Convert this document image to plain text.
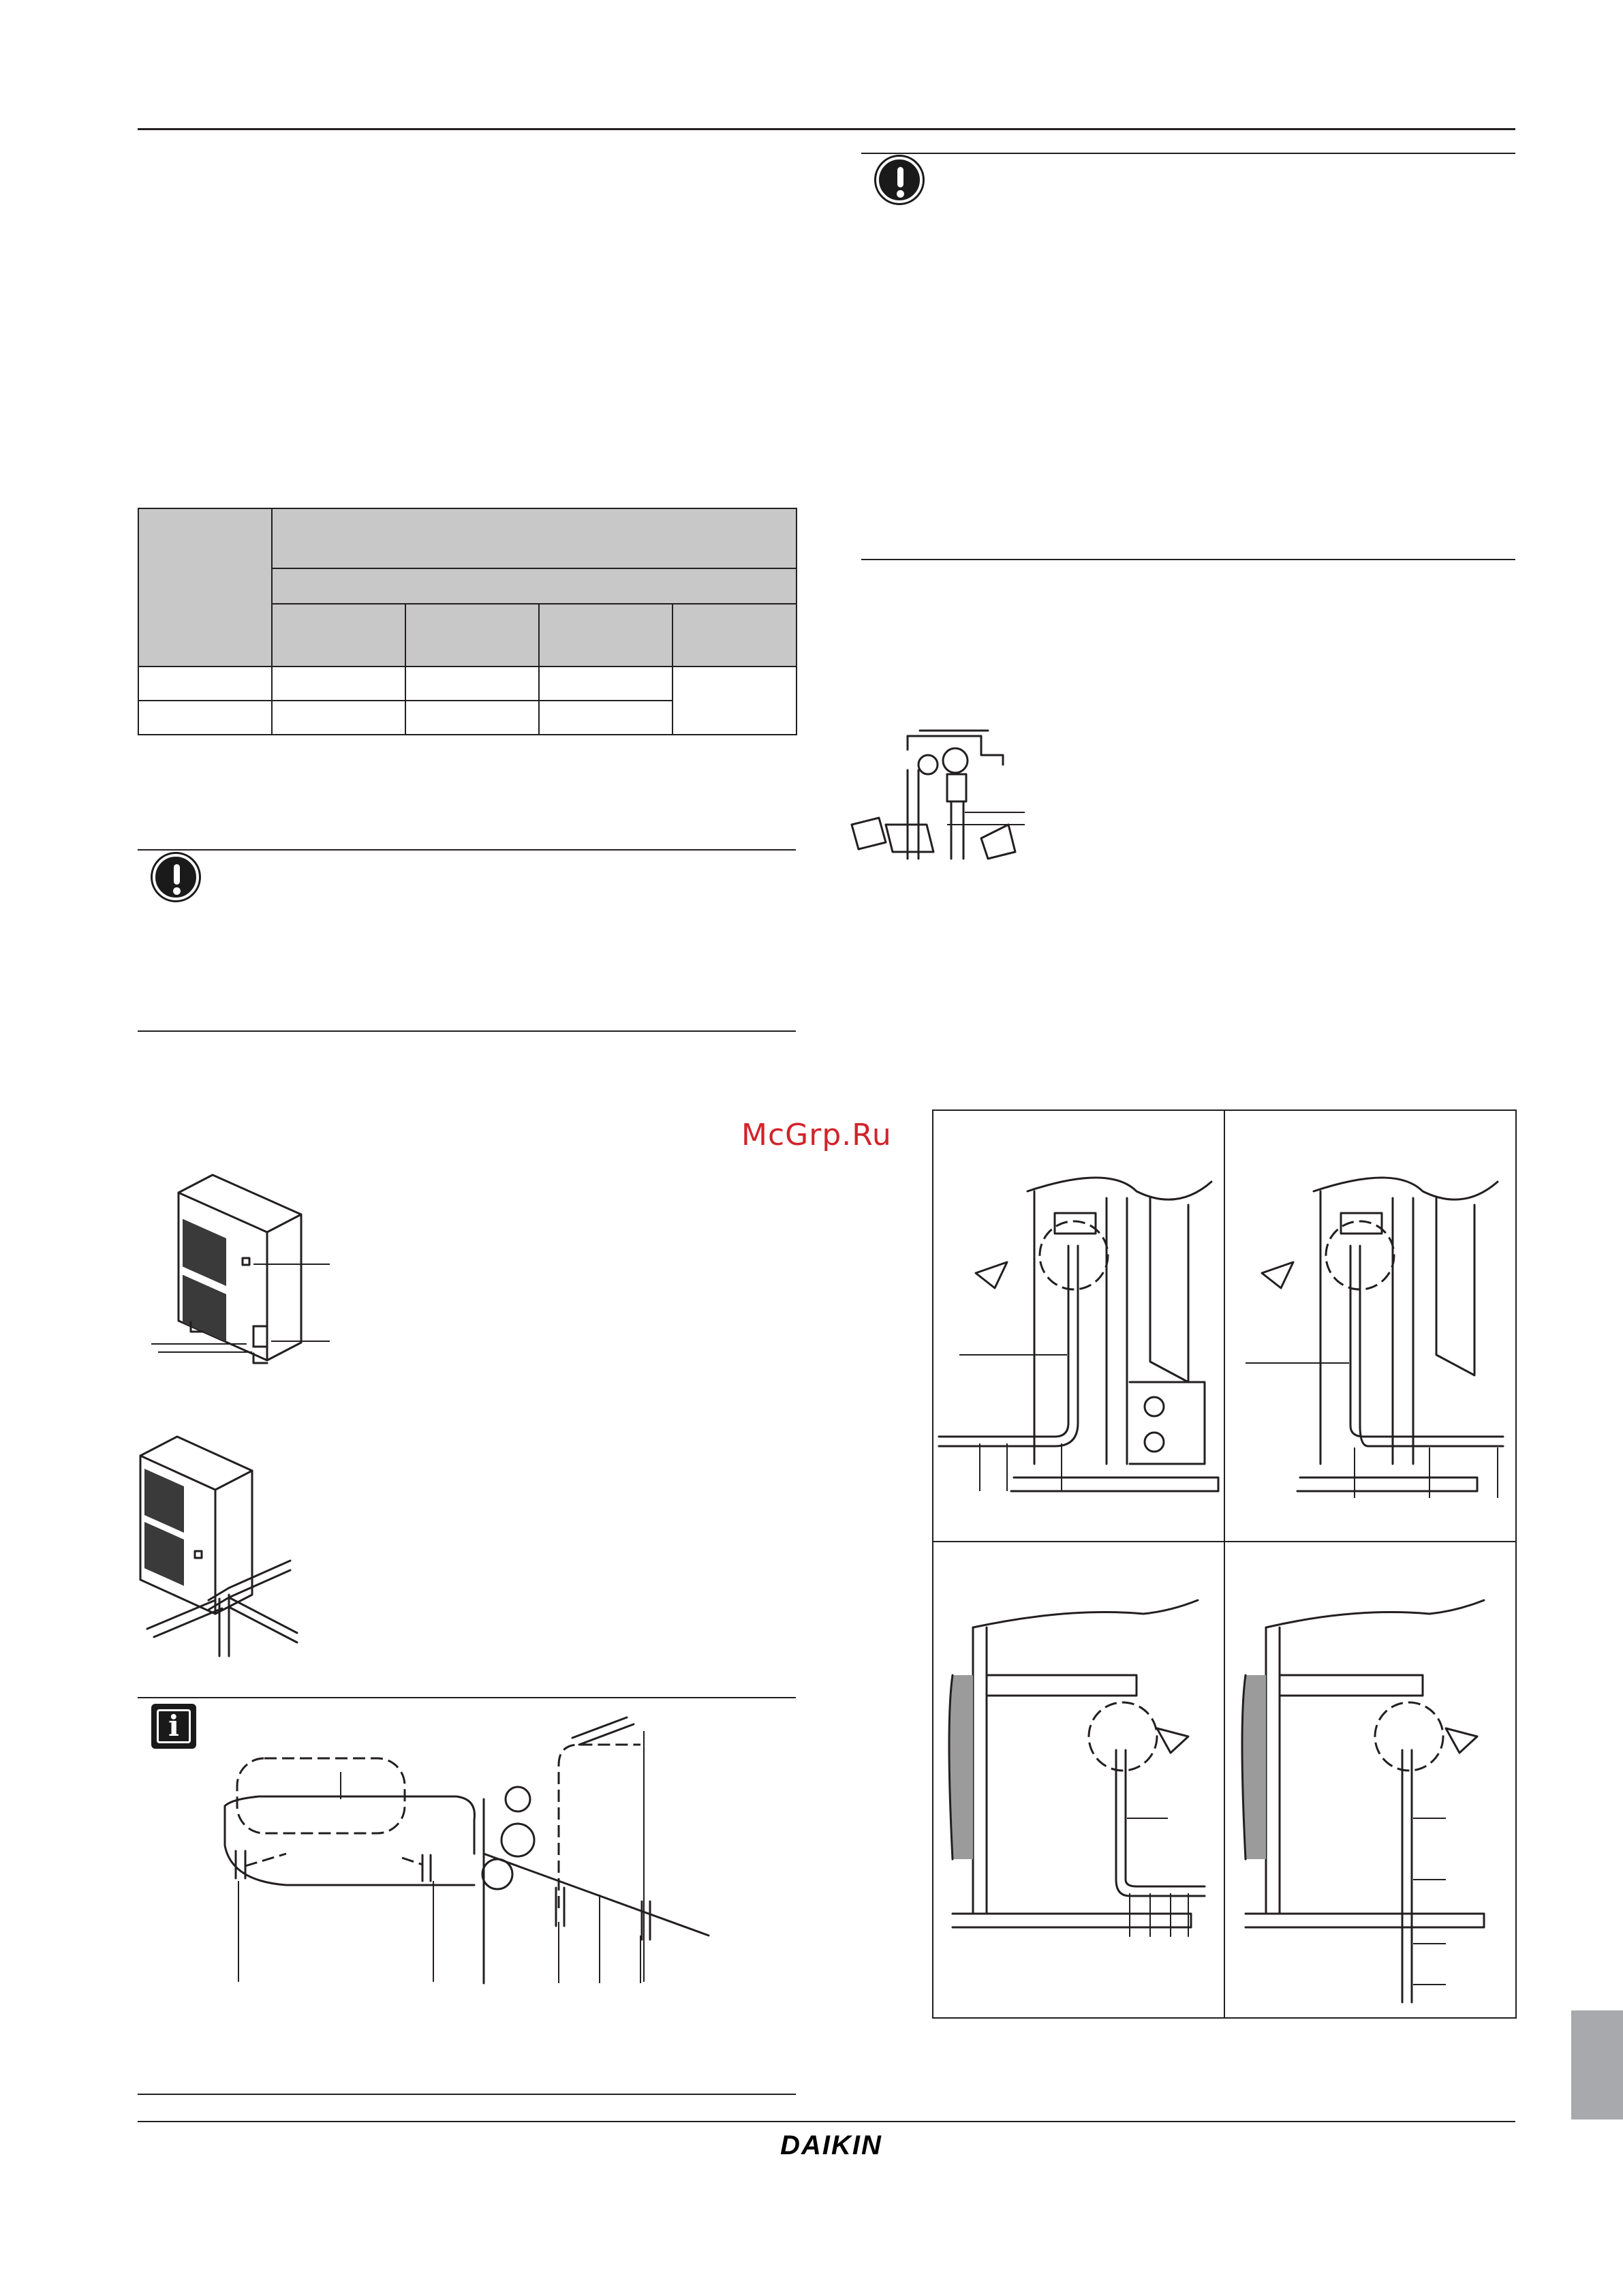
McGrp.Ru
i
DAIKIN
